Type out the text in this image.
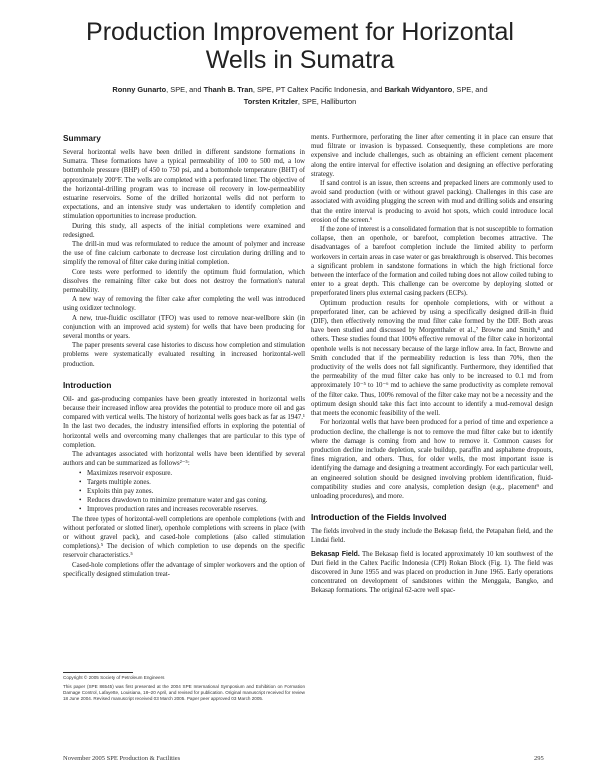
Production Improvement for Horizontal
Wells in Sumatra
Ronny Gunarto, SPE, and Thanh B. Tran, SPE, PT Caltex Pacific Indonesia, and Barkah Widyantoro, SPE, and
Torsten Kritzler, SPE, Halliburton
Summary

Several horizontal wells have been drilled in different sandstone formations in Sumatra. These formations have a typical permeability of 100 to 500 md, a low bottomhole pressure (BHP) of 450 to 750 psi, and a bottomhole temperature (BHT) of approximately 200°F. The wells are completed with a perforated liner. The objective of the horizontal-drilling program was to increase oil recovery in low-permeability estuarine reservoirs. Some of the drilled horizontal wells did not perform to expectations, and an intensive study was undertaken to identify completion and stimulation opportunities to increase production.

During this study, all aspects of the initial completions were examined and redesigned.

The drill-in mud was reformulated to reduce the amount of polymer and increase the use of fine calcium carbonate to decrease lost circulation during drilling and to simplify the removal of filter cake during initial completion.

Core tests were performed to identify the optimum fluid formulation, which dissolves the remaining filter cake but does not destroy the formation's natural permeability.

A new way of removing the filter cake after completing the well was introduced using oxidizer technology.

A new, true-fluidic oscillator (TFO) was used to remove near-wellbore skin (in conjunction with an improved acid system) for wells that have been producing for several months or years.

The paper presents several case histories to discuss how completion and stimulation problems were systematically evaluated resulting in increased horizontal-well production.

Introduction

Oil- and gas-producing companies have been greatly interested in horizontal wells because their increased inflow area provides the potential to produce more oil and gas compared with vertical wells. The history of horizontal wells goes back as far as 1947.¹ In the last two decades, the industry intensified efforts in exploring the potential of horizontal wells and overcoming many challenges that are particular to this type of completion.

The advantages associated with horizontal wells have been identified by several authors and can be summarized as follows²⁻⁵:

• Maximizes reservoir exposure.
• Targets multiple zones.
• Exploits thin pay zones.
• Reduces drawdown to minimize premature water and gas coning.
• Improves production rates and increases recoverable reserves.

The three types of horizontal-well completions are openhole completions (with and without perforated or slotted liner), openhole completions with screens in place (with or without gravel pack), and cased-hole completions (also called stimulation completions).⁵ The decision of which completion to use depends on the specific reservoir characteristics.⁵

Cased-hole completions offer the advantage of simpler workovers and the option of specifically designed stimulation treat-

ments. Furthermore, perforating the liner after cementing it in place can ensure that mud filtrate or invasion is bypassed. Consequently, these completions are more expensive and include challenges, such as obtaining an efficient cement placement along the entire interval for effective isolation and designing an effective perforating strategy.

If sand control is an issue, then screens and prepacked liners are commonly used to avoid sand production (with or without gravel packing). Challenges in this case are associated with avoiding plugging the screen with mud and drilling solids and ensuring that the entire interval is producing to avoid hot spots, which could introduce local erosion of the screen.⁶

If the zone of interest is a consolidated formation that is not susceptible to formation collapse, then an openhole, or barefoot, completion becomes attractive. The disadvantages of a barefoot completion include the limited ability to perform workovers in certain areas in case water or gas breakthrough is observed. This becomes a significant problem in sandstone formations in which the high frictional force between the interface of the formation and coiled tubing does not allow coiled tubing to enter to a great depth. This challenge can be overcome by deploying slotted or preperforated liners plus external casing packers (ECPs).

Optimum production results for openhole completions, with or without a preperforated liner, can be achieved by using a specifically designed drill-in fluid (DIF), then effectively removing the mud filter cake formed by the DIF. Both areas have been studied and discussed by Morgenthaler et al.,⁷ Browne and Smith,⁸ and others. These studies found that 100% effective removal of the filter cake in horizontal openhole wells is not necessary because of the large inflow area. In fact, Browne and Smith concluded that if the permeability reduction is less than 70%, then the productivity of the wells does not fall significantly. Furthermore, they identified that the permeability of the mud filter cake has only to be increased to 0.1 md from approximately 10⁻⁵ to 10⁻⁶ md to achieve the same productivity as complete removal of the filter cake. Thus, 100% removal of the filter cake may not be a necessity and the optimum design should take this fact into account to identify a mud-removal design that meets the economic feasibility of the well.

For horizontal wells that have been produced for a period of time and experience a production decline, the challenge is not to remove the mud filter cake but to identify where the damage is coming from and how to remove it. Common causes for production decline include depletion, scale buildup, paraffin and asphaltene dropouts, fines migration, and others. Thus, for older wells, the most important issue is identifying the damage and designing a treatment accordingly. For each particular well, an engineered solution should be designed involving problem identification, fluid-compatibility studies and core analysis, completion design (e.g., placement⁹ and unloading procedures), and more.

Introduction of the Fields Involved

The fields involved in the study include the Bekasap field, the Petapahan field, and the Lindai field.

Bekasap Field. The Bekasap field is located approximately 10 km southwest of the Duri field in the Caltex Pacific Indonesia (CPI) Rokan Block (Fig. 1). The field was discovered in June 1955 and was placed on production in June 1965. Early operations concentrated on development of sandstones within the Menggala, Bangko, and Bekasap formations. The original 62-acre well spac-

Copyright © 2005 Society of Petroleum Engineers

This paper (SPE 86545) was first presented at the 2004 SPE International Symposium and Exhibition on Formation Damage Control, Lafayette, Louisiana, 18–20 April, and revised for publication. Original manuscript received for review 18 June 2004. Revised manuscript received 03 March 2005. Paper peer approved 03 March 2005.

November 2005 SPE Production & Facilities	295
